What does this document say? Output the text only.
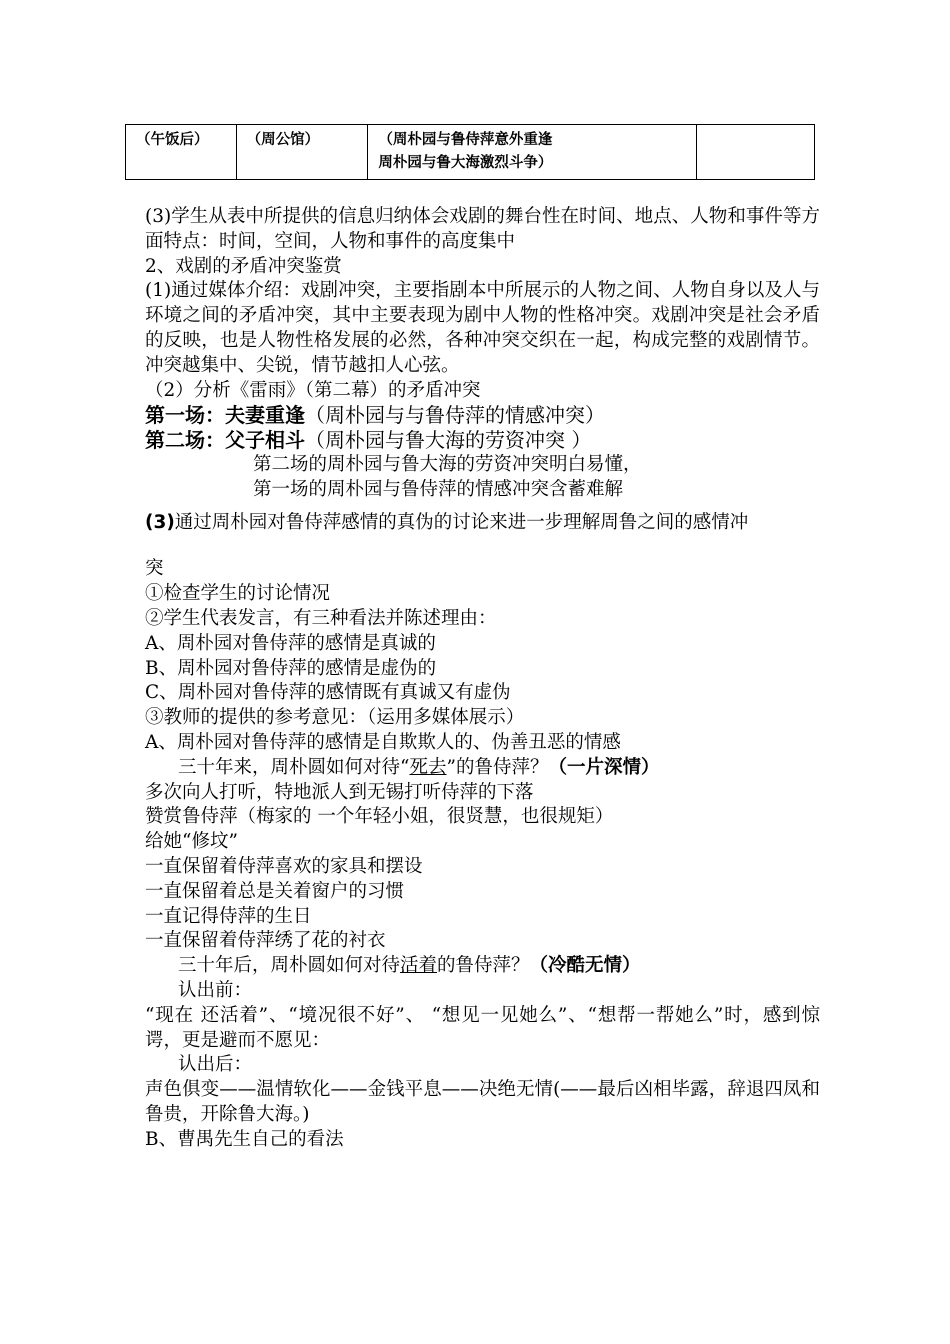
（午饭后）	（周公馆）	（周朴园与鲁侍萍意外重逢
周朴园与鲁大海激烈斗争）

(3)学生从表中所提供的信息归纳体会戏剧的舞台性在时间、地点、人物和事件等方面特点：时间，空间，人物和事件的高度集中

2、戏剧的矛盾冲突鉴赏

(1)通过媒体介绍：戏剧冲突，主要指剧本中所展示的人物之间、人物自身以及人与环境之间的矛盾冲突，其中主要表现为剧中人物的性格冲突。戏剧冲突是社会矛盾的反映，也是人物性格发展的必然，各种冲突交织在一起，构成完整的戏剧情节。冲突越集中、尖锐，情节越扣人心弦。

（2）分析《雷雨》（第二幕）的矛盾冲突

第一场：夫妻重逢（周朴园与与鲁侍萍的情感冲突）

第二场：父子相斗（周朴园与鲁大海的劳资冲突 ）

第二场的周朴园与鲁大海的劳资冲突明白易懂，

第一场的周朴园与鲁侍萍的情感冲突含蓄难解

(3)通过周朴园对鲁侍萍感情的真伪的讨论来进一步理解周鲁之间的感情冲

突

①检查学生的讨论情况

②学生代表发言，有三种看法并陈述理由：

A、周朴园对鲁侍萍的感情是真诚的

B、周朴园对鲁侍萍的感情是虚伪的

C、周朴园对鲁侍萍的感情既有真诚又有虚伪

③教师的提供的参考意见：（运用多媒体展示）

A、周朴园对鲁侍萍的感情是自欺欺人的、伪善丑恶的情感

三十年来，周朴圆如何对待“死去”的鲁侍萍？（一片深情）

多次向人打听，特地派人到无锡打听侍萍的下落

赞赏鲁侍萍（梅家的 一个年轻小姐，很贤慧，也很规矩）

给她“修坟”

一直保留着侍萍喜欢的家具和摆设

一直保留着总是关着窗户的习惯

一直记得侍萍的生日

一直保留着侍萍绣了花的衬衣

三十年后，周朴圆如何对待活着的鲁侍萍？（冷酷无情）

认出前：

“现在 还活着”、“境况很不好”、 “想见一见她么”、“想帮一帮她么”时，感到惊谔，更是避而不愿见：

认出后：

声色俱变——温情软化——金钱平息——决绝无情(——最后凶相毕露，辞退四凤和鲁贵，开除鲁大海。)

B、曹禺先生自己的看法
